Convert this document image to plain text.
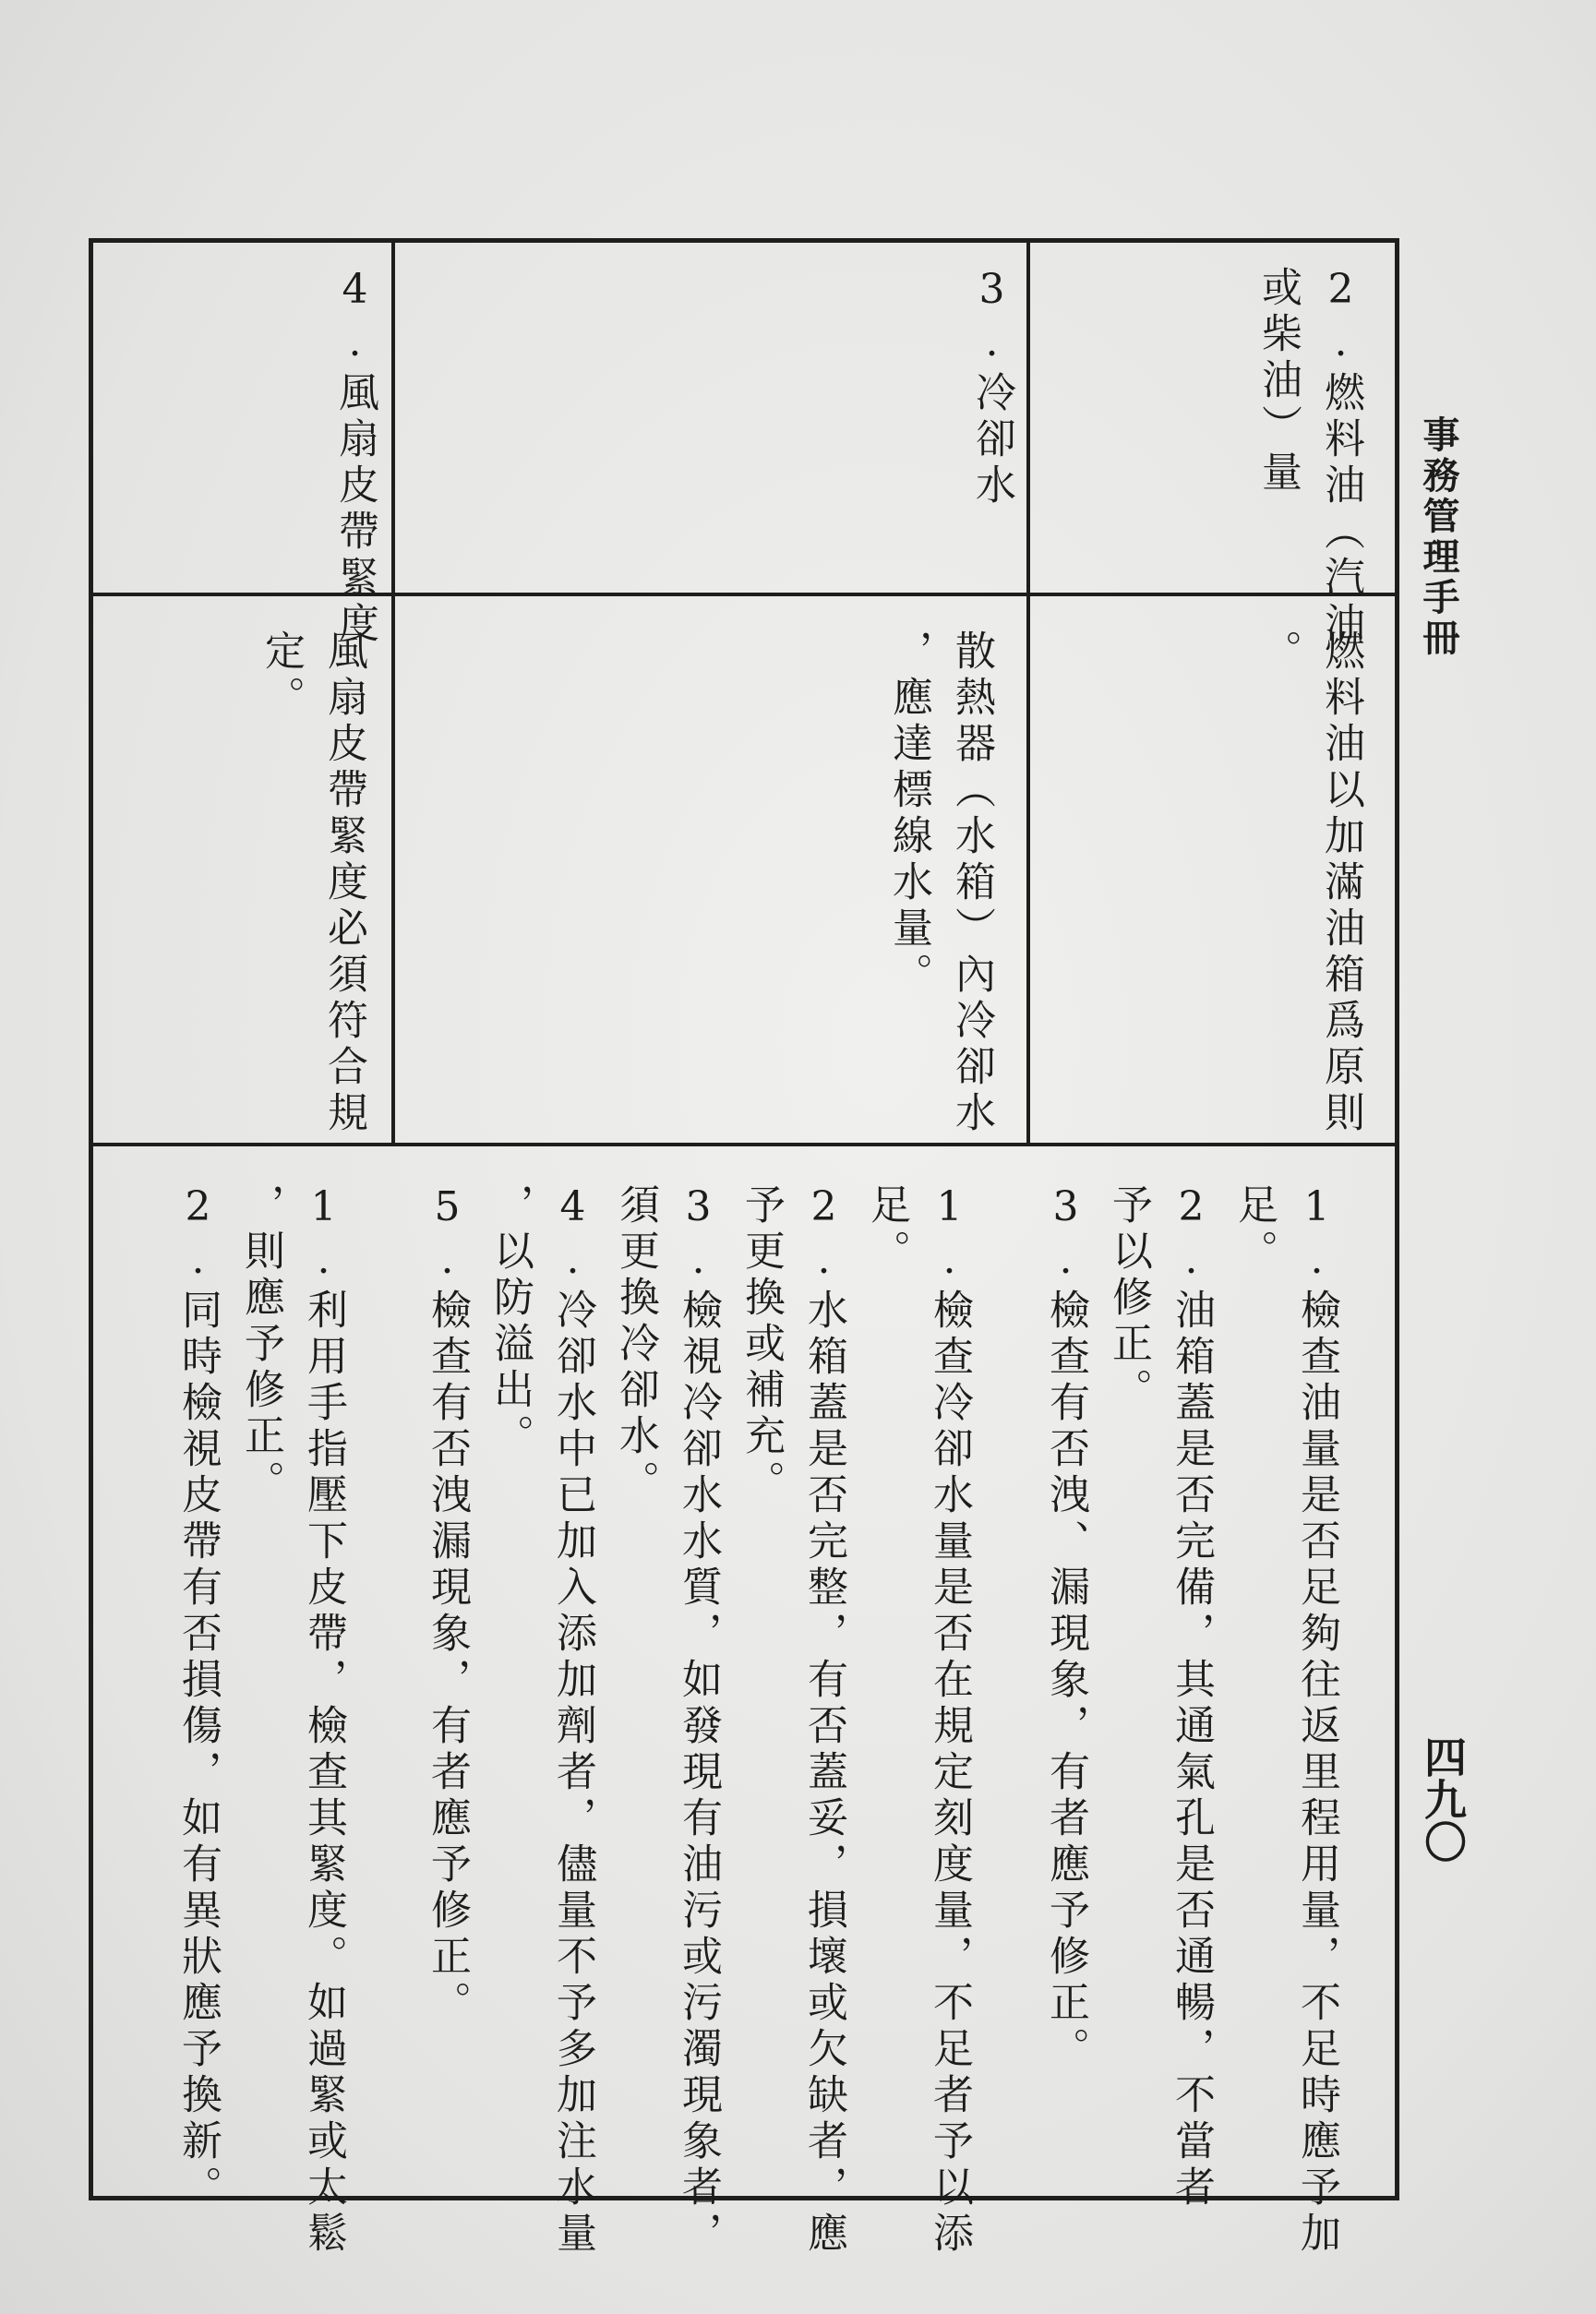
事務管理手冊
四九〇

2.燃料油（汽油
或柴油）量
燃料油以加滿油箱爲原則
。
1.檢查油量是否足夠往返里程用量，不足時應予加
足。
2.油箱蓋是否完備，其通氣孔是否通暢，不當者
予以修正。
3.檢查有否洩、漏現象，有者應予修正。
3.冷卻水
散熱器（水箱）內冷卻水
，應達標線水量。
1.檢查冷卻水量是否在規定刻度量，不足者予以添
足。
2.水箱蓋是否完整，有否蓋妥，損壞或欠缺者，應
予更換或補充。
3.檢視冷卻水水質，如發現有油污或污濁現象者，
須更換冷卻水。
4.冷卻水中已加入添加劑者，儘量不予多加注水量
，以防溢出。
5.檢查有否洩漏現象，有者應予修正。
4.風扇皮帶緊度
風扇皮帶緊度必須符合規
定。
1.利用手指壓下皮帶，檢查其緊度。如過緊或太鬆
，則應予修正。
2.同時檢視皮帶有否損傷，如有異狀應予換新。
